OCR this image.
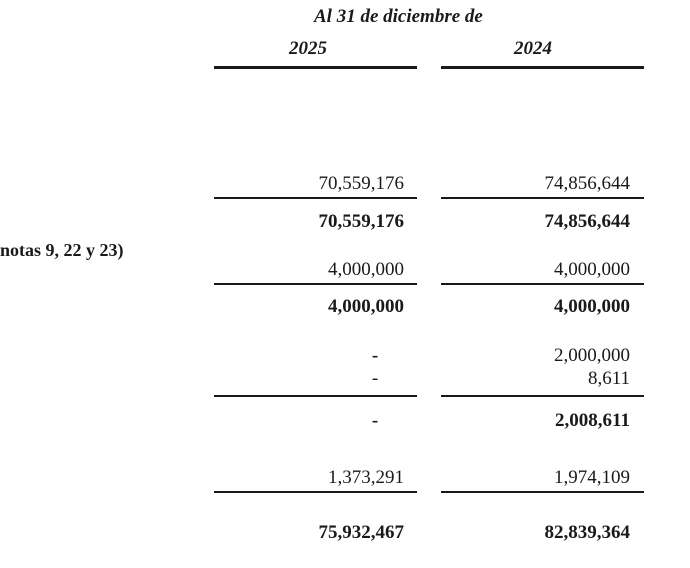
Al 31 de diciembre de
2025	2024
notas 9, 22 y 23)
70,559,176	74,856,644
70,559,176	74,856,644
4,000,000	4,000,000
4,000,000	4,000,000
-	2,000,000
-	8,611
-	2,008,611
1,373,291	1,974,109
75,932,467	82,839,364
